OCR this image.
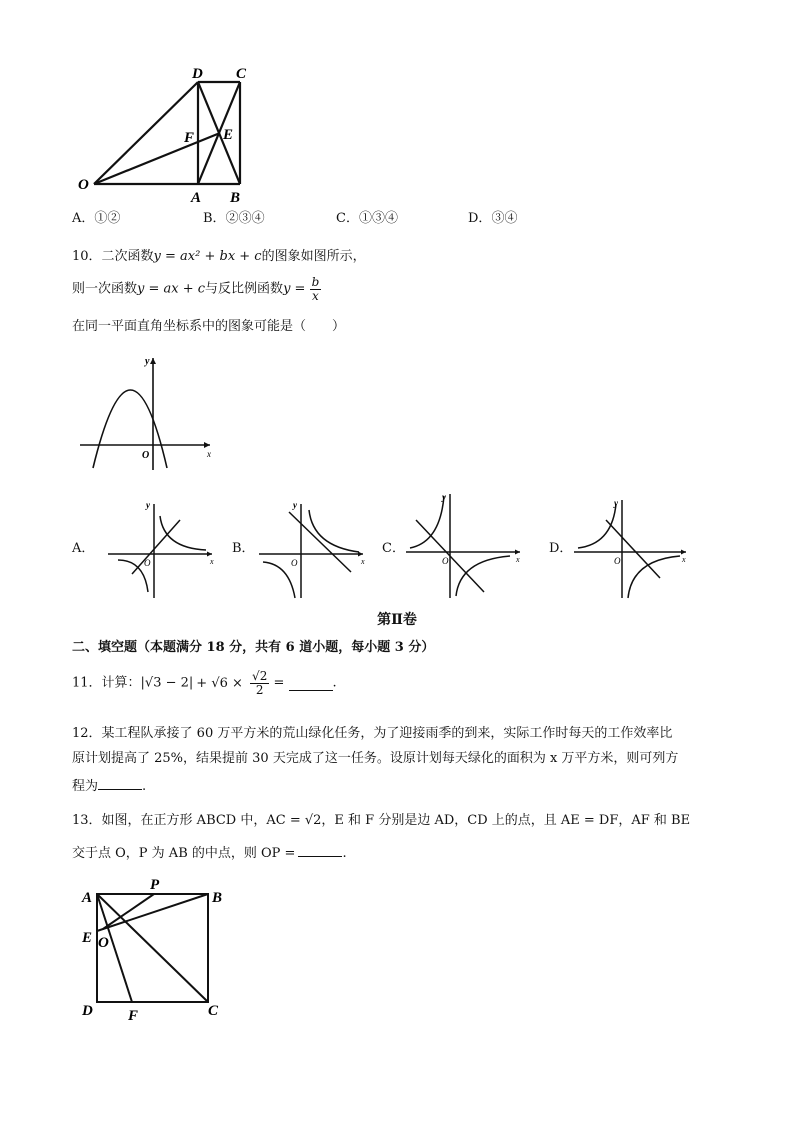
D C
F E
O
A B
A．①②	B．②③④	C．①③④	D．③④
10．二次函数y = ax² + bx + c的图象如图所示，
则一次函数y = ax + c与反比例函数$y = \frac{b}{x}$
在同一平面直角坐标系中的图象可能是（　　）
y
x
O
A．
y
x
O
B．
y
x
O
C．
y
x
O
D．
y
x
O
第Ⅱ卷
二、填空题（本题满分 18 分，共有 6 道小题，每小题 3 分）
11．计算：$|√3 - 2| + √6 \times \frac{√2}{2}$ =	.
12．某工程队承接了 60 万平方米的荒山绿化任务，为了迎接雨季的到来，实际工作时每天的工作效率比
原计划提高了 25%，结果提前 30 天完成了这一任务。设原计划每天绿化的面积为 x 万平方米，则可列方
程为	.
13．如图，在正方形 ABCD 中，AC = √2，E 和 F 分别是边 AD，CD 上的点，且 AE = DF，AF 和 BE
交于点 O，P 为 AB 的中点，则 OP =	.
A
P
B
E O
D F	C
